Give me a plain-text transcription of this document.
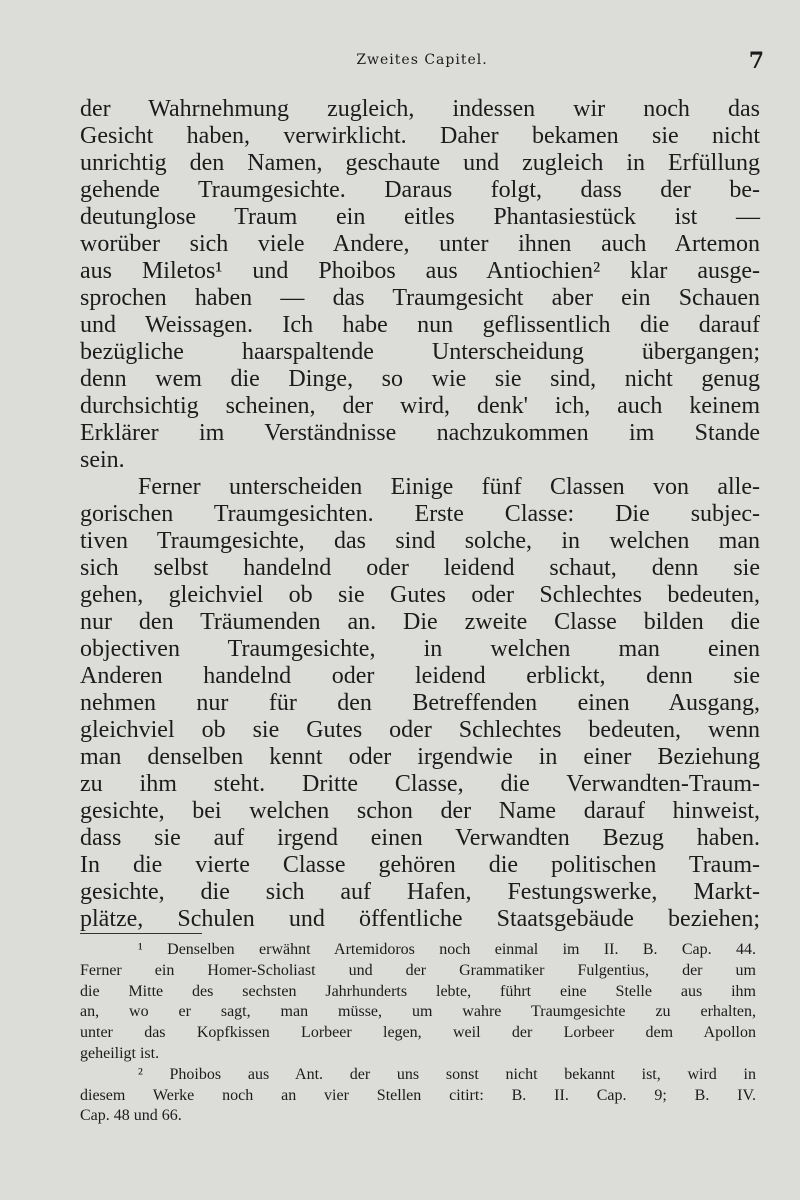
Zweites Capitel.	7
der Wahrnehmung zugleich, indessen wir noch das
Gesicht haben, verwirklicht. Daher bekamen sie nicht
unrichtig den Namen, geschaute und zugleich in Erfüllung
gehende Traumgesichte. Daraus folgt, dass der be-
deutunglose Traum ein eitles Phantasiestück ist —
worüber sich viele Andere, unter ihnen auch Artemon
aus Miletos¹ und Phoibos aus Antiochien² klar ausge-
sprochen haben — das Traumgesicht aber ein Schauen
und Weissagen. Ich habe nun geflissentlich die darauf
bezügliche haarspaltende Unterscheidung übergangen;
denn wem die Dinge, so wie sie sind, nicht genug
durchsichtig scheinen, der wird, denk' ich, auch keinem
Erklärer im Verständnisse nachzukommen im Stande
sein.
Ferner unterscheiden Einige fünf Classen von alle-
gorischen Traumgesichten. Erste Classe: Die subjec-
tiven Traumgesichte, das sind solche, in welchen man
sich selbst handelnd oder leidend schaut, denn sie
gehen, gleichviel ob sie Gutes oder Schlechtes bedeuten,
nur den Träumenden an. Die zweite Classe bilden die
objectiven Traumgesichte, in welchen man einen
Anderen handelnd oder leidend erblickt, denn sie
nehmen nur für den Betreffenden einen Ausgang,
gleichviel ob sie Gutes oder Schlechtes bedeuten, wenn
man denselben kennt oder irgendwie in einer Beziehung
zu ihm steht. Dritte Classe, die Verwandten-Traum-
gesichte, bei welchen schon der Name darauf hinweist,
dass sie auf irgend einen Verwandten Bezug haben.
In die vierte Classe gehören die politischen Traum-
gesichte, die sich auf Hafen, Festungswerke, Markt-
plätze, Schulen und öffentliche Staatsgebäude beziehen;
¹ Denselben erwähnt Artemidoros noch einmal im II. B. Cap. 44.
Ferner ein Homer-Scholiast und der Grammatiker Fulgentius, der um
die Mitte des sechsten Jahrhunderts lebte, führt eine Stelle aus ihm
an, wo er sagt, man müsse, um wahre Traumgesichte zu erhalten,
unter das Kopfkissen Lorbeer legen, weil der Lorbeer dem Apollon
geheiligt ist.
² Phoibos aus Ant. der uns sonst nicht bekannt ist, wird in
diesem Werke noch an vier Stellen citirt: B. II. Cap. 9; B. IV.
Cap. 48 und 66.
